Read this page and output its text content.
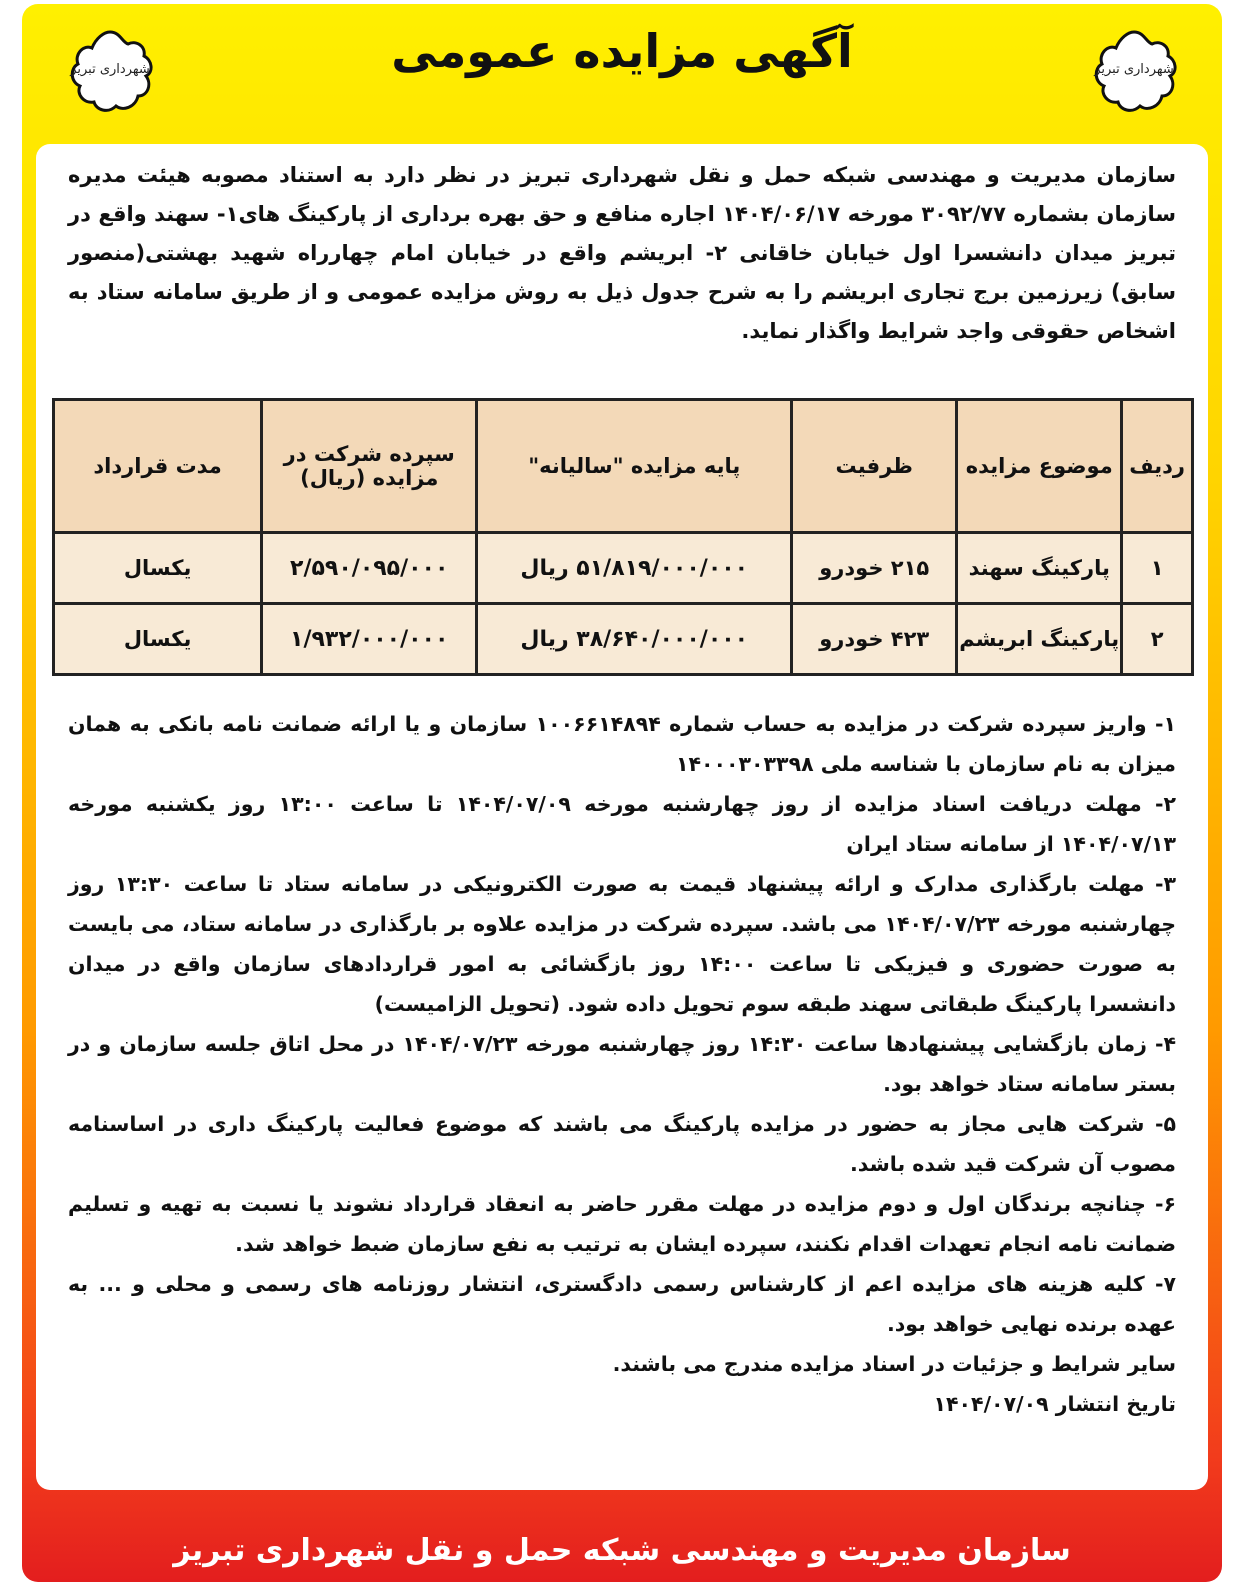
شهرداری تبریز	شهرداری تبریز
آگهی مزایده عمومی
سازمان مدیریت و مهندسی شبکه حمل و نقل شهرداری تبریز در نظر دارد به استناد مصوبه هیئت مدیره سازمان بشماره ۳۰۹۲/۷۷ مورخه ۱۴۰۴/۰۶/۱۷ اجاره منافع و حق بهره برداری از پارکینگ های۱- سهند واقع در تبریز میدان دانشسرا اول خیابان خاقانی ۲- ابریشم واقع در خیابان امام چهارراه شهید بهشتی(منصور سابق) زیرزمین برج تجاری ابریشم را به شرح جدول ذیل به روش مزایده عمومی و از طریق سامانه ستاد به اشخاص حقوقی واجد شرایط واگذار نماید.
ردیف	موضوع مزایده	ظرفیت	پایه مزایده "سالیانه"	سپرده شرکت در مزایده (ریال)	مدت قرارداد
۱	پارکینگ سهند	۲۱۵ خودرو	۵۱/۸۱۹/۰۰۰/۰۰۰ ریال	۲/۵۹۰/۰۹۵/۰۰۰	یکسال
۲	پارکینگ ابریشم	۴۲۳ خودرو	۳۸/۶۴۰/۰۰۰/۰۰۰ ریال	۱/۹۳۲/۰۰۰/۰۰۰	یکسال

۱- واریز سپرده شرکت در مزایده به حساب شماره ۱۰۰۶۶۱۴۸۹۴ سازمان و یا ارائه ضمانت نامه بانکی به همان میزان به نام سازمان با شناسه ملی ۱۴۰۰۰۳۰۳۳۹۸

۲- مهلت دریافت اسناد مزایده از روز چهارشنبه مورخه ۱۴۰۴/۰۷/۰۹ تا ساعت ۱۳:۰۰ روز یکشنبه مورخه ۱۴۰۴/۰۷/۱۳ از سامانه ستاد ایران

۳- مهلت بارگذاری مدارک و ارائه پیشنهاد قیمت به صورت الکترونیکی در سامانه ستاد تا ساعت ۱۳:۳۰ روز چهارشنبه مورخه ۱۴۰۴/۰۷/۲۳ می باشد. سپرده شرکت در مزایده علاوه بر بارگذاری در سامانه ستاد، می بایست به صورت حضوری و فیزیکی تا ساعت ۱۴:۰۰ روز بازگشائی به امور قراردادهای سازمان واقع در میدان دانشسرا پارکینگ طبقاتی سهند طبقه سوم تحویل داده شود. (تحویل الزامیست)

۴- زمان بازگشایی پیشنهادها ساعت ۱۴:۳۰ روز چهارشنبه مورخه ۱۴۰۴/۰۷/۲۳ در محل اتاق جلسه سازمان و در بستر سامانه ستاد خواهد بود.

۵- شرکت هایی مجاز به حضور در مزایده پارکینگ می باشند که موضوع فعالیت پارکینگ داری در اساسنامه مصوب آن شرکت قید شده باشد.

۶- چنانچه برندگان اول و دوم مزایده در مهلت مقرر حاضر به انعقاد قرارداد نشوند یا نسبت به تهیه و تسلیم ضمانت نامه انجام تعهدات اقدام نکنند، سپرده ایشان به ترتیب به نفع سازمان ضبط خواهد شد.

۷- کلیه هزینه های مزایده اعم از کارشناس رسمی دادگستری، انتشار روزنامه های رسمی و محلی و ... به عهده برنده نهایی خواهد بود.

سایر شرایط و جزئیات در اسناد مزایده مندرج می باشند.

تاریخ انتشار ۱۴۰۴/۰۷/۰۹

سازمان مدیریت و مهندسی شبکه حمل و نقل شهرداری تبریز
